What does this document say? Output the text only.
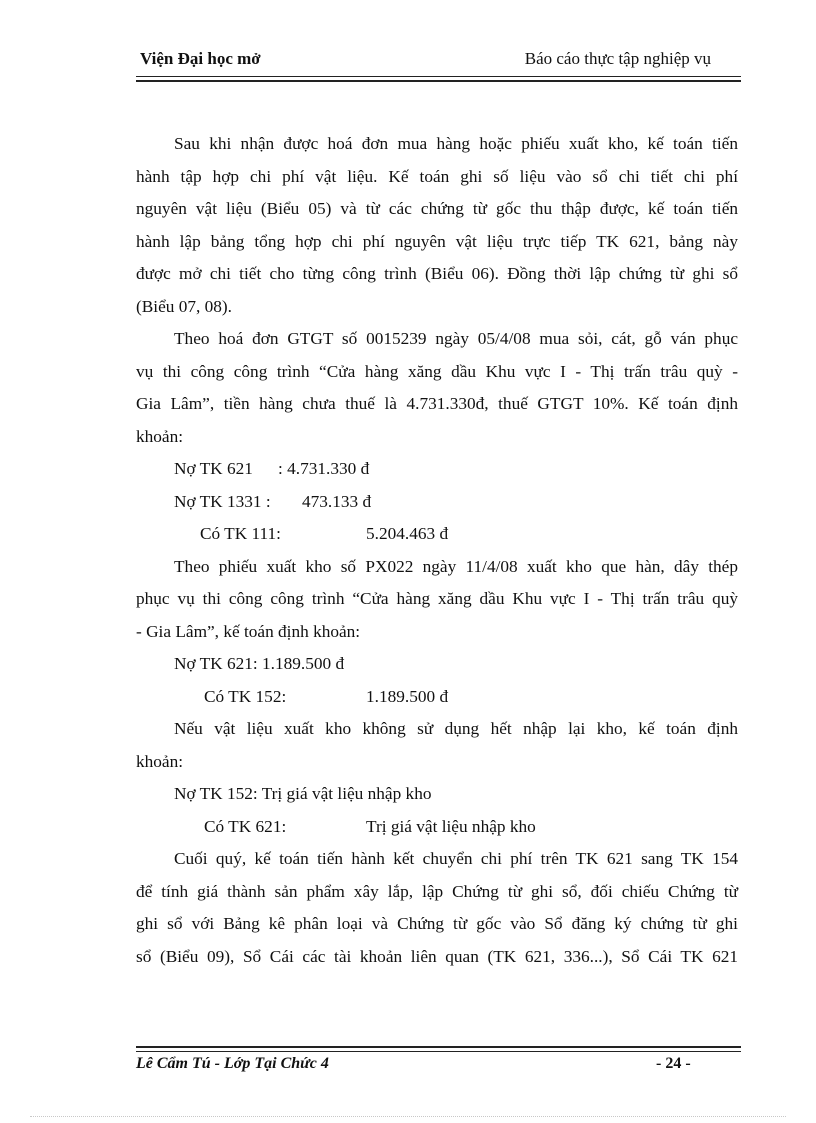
Viện Đại học mở	Báo cáo thực tập nghiệp vụ
Sau khi nhận được hoá đơn mua hàng hoặc phiếu xuất kho, kế toán tiến
hành tập hợp chi phí vật liệu. Kế toán ghi số liệu vào sổ chi tiết chi phí
nguyên vật liệu (Biểu 05) và từ các chứng từ gốc thu thập được, kế toán tiến
hành lập bảng tổng hợp chi phí nguyên vật liệu trực tiếp TK 621, bảng này
được mở chi tiết cho từng công trình (Biểu 06). Đồng thời lập chứng từ ghi sổ
(Biểu 07, 08).
Theo hoá đơn GTGT số 0015239 ngày 05/4/08 mua sỏi, cát, gỗ ván phục
vụ thi công công trình “Cửa hàng xăng dầu Khu vực I - Thị trấn trâu quỳ -
Gia Lâm”, tiền hàng chưa thuế là 4.731.330đ, thuế GTGT 10%. Kế toán định
khoản:
Nợ TK 621 : 4.731.330 đ
Nợ TK 1331 : 473.133 đ
Có TK 111:	5.204.463 đ
Theo phiếu xuất kho số PX022 ngày 11/4/08 xuất kho que hàn, dây thép
phục vụ thi công công trình “Cửa hàng xăng dầu Khu vực I - Thị trấn trâu quỳ
- Gia Lâm”, kế toán định khoản:
Nợ TK 621: 1.189.500 đ
Có TK 152:	1.189.500 đ
Nếu vật liệu xuất kho không sử dụng hết nhập lại kho, kế toán định
khoản:
Nợ TK 152: Trị giá vật liệu nhập kho
Có TK 621:	Trị giá vật liệu nhập kho
Cuối quý, kế toán tiến hành kết chuyển chi phí trên TK 621 sang TK 154
để tính giá thành sản phẩm xây lắp, lập Chứng từ ghi sổ, đối chiếu Chứng từ
ghi sổ với Bảng kê phân loại và Chứng từ gốc vào Sổ đăng ký chứng từ ghi
sổ (Biểu 09), Sổ Cái các tài khoản liên quan (TK 621, 336...), Sổ Cái TK 621
Lê Cẩm Tú - Lớp Tại Chức 4	- 24 -
